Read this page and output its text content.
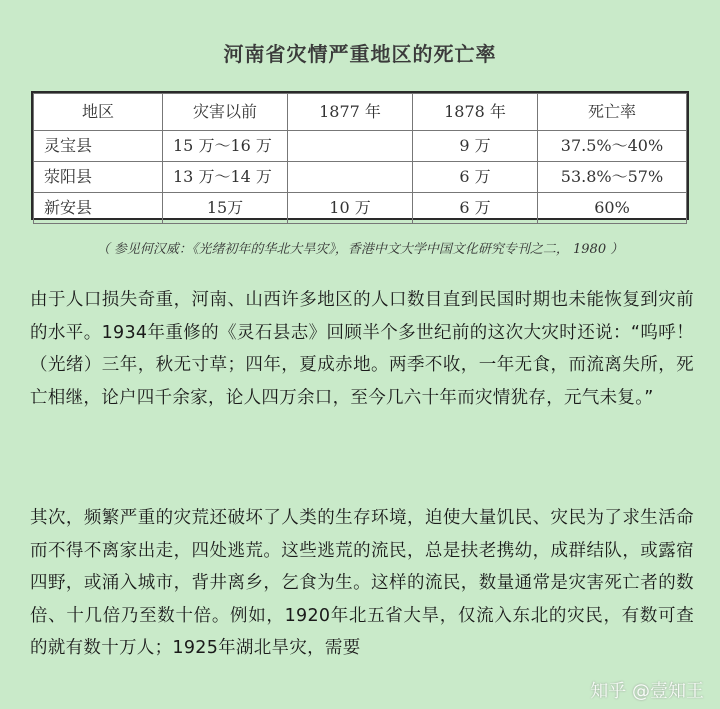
河南省灾情严重地区的死亡率
地区	灾害以前	1877 年	1878 年	死亡率
灵宝县	15 万～16 万		9 万	37.5%～40%
荥阳县	13 万～14 万		6 万	53.8%～57%
新安县	15万	10 万	6 万	60%
（ 参见何汉威：《光绪初年的华北大旱灾》，香港中文大学中国文化研究专刊之二， 1980 ）
由于人口损失奇重，河南、山西许多地区的人口数目直到民国时期也未能恢复到灾前的水平。1934年重修的《灵石县志》回顾半个多世纪前的这次大灾时还说：“呜呼！（光绪）三年，秋无寸草；四年，夏成赤地。两季不收，一年无食，而流离失所，死亡相继，论户四千余家，论人四万余口，至今几六十年而灾情犹存，元气未复。”
其次，频繁严重的灾荒还破坏了人类的生存环境，迫使大量饥民、灾民为了求生活命而不得不离家出走，四处逃荒。这些逃荒的流民，总是扶老携幼，成群结队，或露宿四野，或涌入城市，背井离乡，乞食为生。这样的流民，数量通常是灾害死亡者的数倍、十几倍乃至数十倍。例如，1920年北五省大旱，仅流入东北的灾民，有数可查的就有数十万人；1925年湖北旱灾，需要
知乎 @壹知王
